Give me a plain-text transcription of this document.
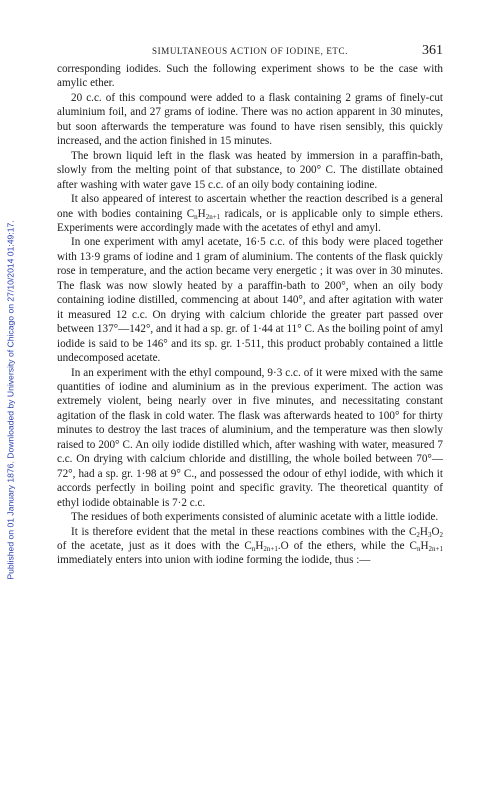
Published on 01 January 1876. Downloaded by University of Chicago on 27/10/2014 01:49:17.
SIMULTANEOUS ACTION OF IODINE, ETC.	361

corresponding iodides. Such the following experiment shows to be the case with amylic ether.

20 c.c. of this compound were added to a flask containing 2 grams of finely-cut aluminium foil, and 27 grams of iodine. There was no action apparent in 30 minutes, but soon afterwards the temperature was found to have risen sensibly, this quickly increased, and the action finished in 15 minutes.

The brown liquid left in the flask was heated by immersion in a paraffin-bath, slowly from the melting point of that substance, to 200° C. The distillate obtained after washing with water gave 15 c.c. of an oily body containing iodine.

It also appeared of interest to ascertain whether the reaction described is a general one with bodies containing $C_nH_{2n+1}$ radicals, or is applicable only to simple ethers. Experiments were accordingly made with the acetates of ethyl and amyl.

In one experiment with amyl acetate, 16·5 c.c. of this body were placed together with 13·9 grams of iodine and 1 gram of aluminium. The contents of the flask quickly rose in temperature, and the action became very energetic ; it was over in 30 minutes. The flask was now slowly heated by a paraffin-bath to 200°, when an oily body containing iodine distilled, commencing at about 140°, and after agitation with water it measured 12 c.c. On drying with calcium chloride the greater part passed over between 137°—142°, and it had a sp. gr. of 1·44 at 11° C. As the boiling point of amyl iodide is said to be 146° and its sp. gr. 1·511, this product probably contained a little undecomposed acetate.

In an experiment with the ethyl compound, 9·3 c.c. of it were mixed with the same quantities of iodine and aluminium as in the previous experiment. The action was extremely violent, being nearly over in five minutes, and necessitating constant agitation of the flask in cold water. The flask was afterwards heated to 100° for thirty minutes to destroy the last traces of aluminium, and the temperature was then slowly raised to 200° C. An oily iodide distilled which, after washing with water, measured 7 c.c. On drying with calcium chloride and distilling, the whole boiled between 70°—72°, had a sp. gr. 1·98 at 9° C., and possessed the odour of ethyl iodide, with which it accords perfectly in boiling point and specific gravity. The theoretical quantity of ethyl iodide obtainable is 7·2 c.c.

The residues of both experiments consisted of aluminic acetate with a little iodide.

It is therefore evident that the metal in these reactions combines with the $C_2H_3O_2$ of the acetate, just as it does with the $C_nH_{2n+1}.O$ of the ethers, while the $C_nH_{2n+1}$ immediately enters into union with iodine forming the iodide, thus :—
